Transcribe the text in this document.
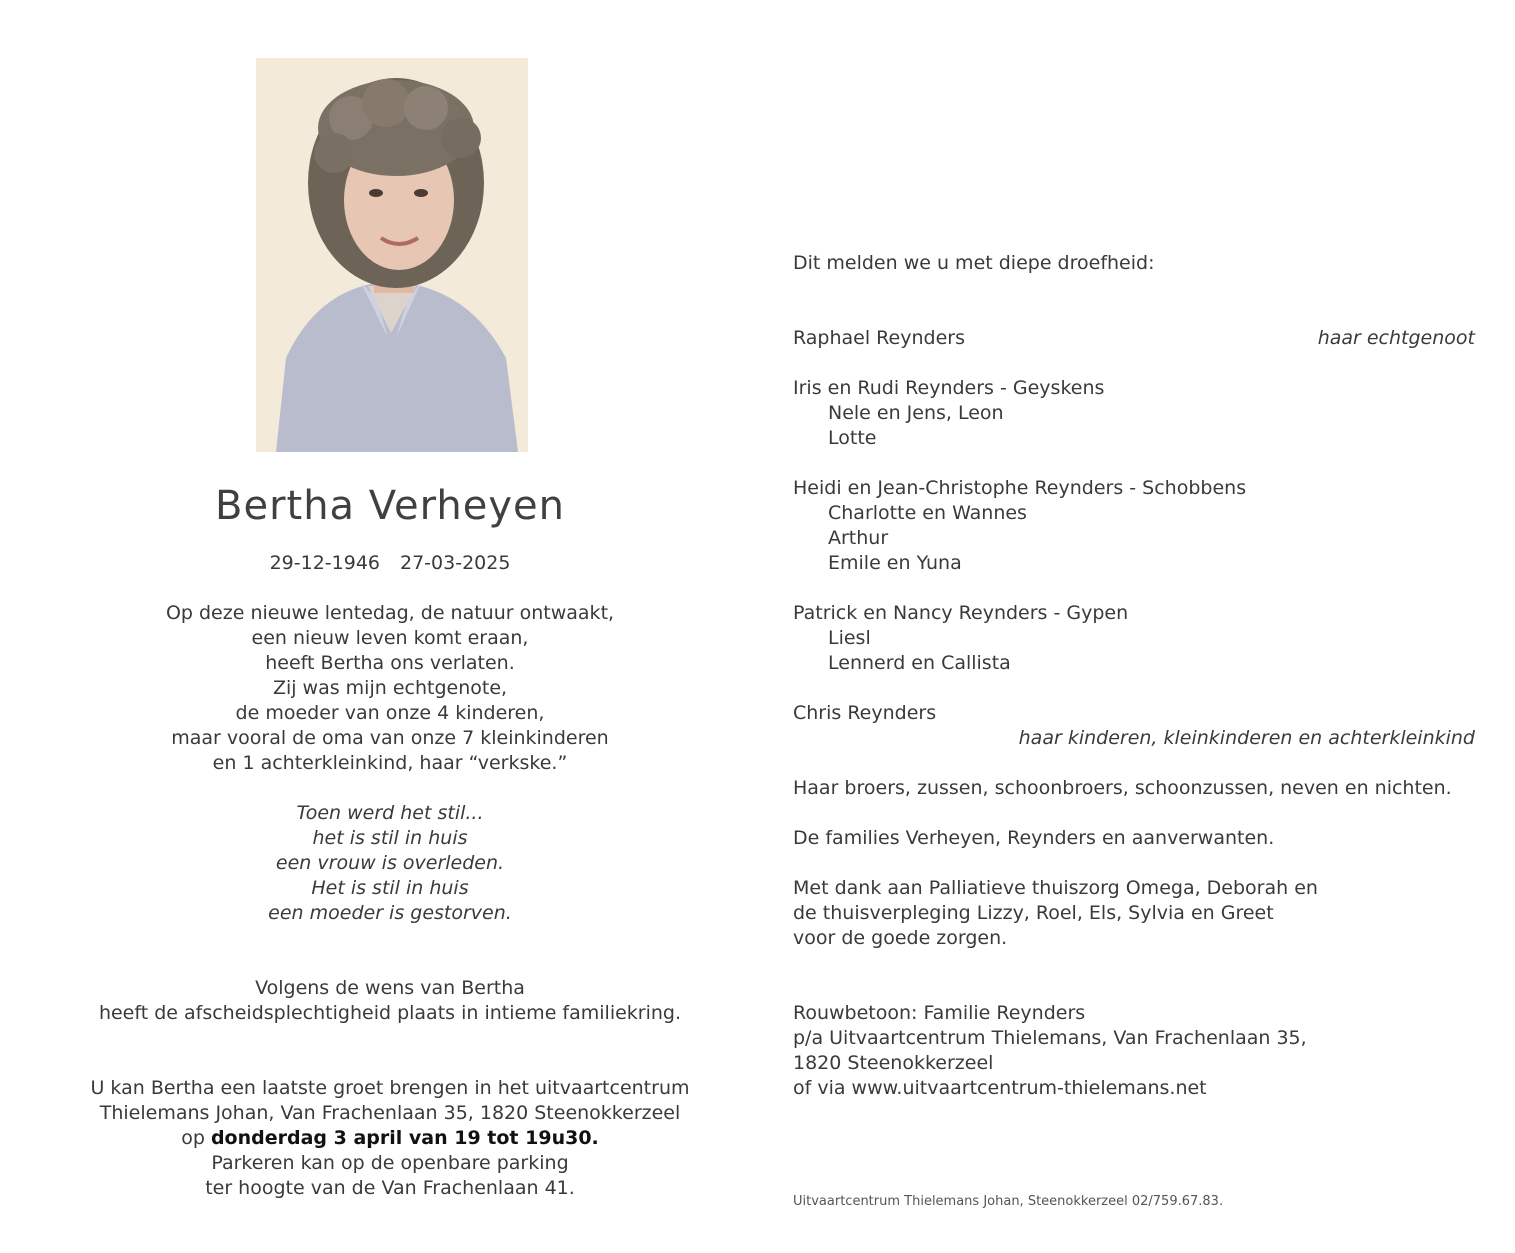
Bertha Verheyen
29-12-1946 27-03-2025
Op deze nieuwe lentedag, de natuur ontwaakt,
een nieuw leven komt eraan,
heeft Bertha ons verlaten.
Zij was mijn echtgenote,
de moeder van onze 4 kinderen,
maar vooral de oma van onze 7 kleinkinderen
en 1 achterkleinkind, haar “verkske.”
Toen werd het stil...
het is stil in huis
een vrouw is overleden.
Het is stil in huis
een moeder is gestorven.
Volgens de wens van Bertha
heeft de afscheidsplechtigheid plaats in intieme familiekring.
U kan Bertha een laatste groet brengen in het uitvaartcentrum
Thielemans Johan, Van Frachenlaan 35, 1820 Steenokkerzeel
op donderdag 3 april van 19 tot 19u30.
Parkeren kan op de openbare parking
ter hoogte van de Van Frachenlaan 41.
Dit melden we u met diepe droefheid:
Raphael Reynders	haar echtgenoot
Iris en Rudi Reynders - Geyskens
Nele en Jens, Leon
Lotte
Heidi en Jean-Christophe Reynders - Schobbens
Charlotte en Wannes
Arthur
Emile en Yuna
Patrick en Nancy Reynders - Gypen
Liesl
Lennerd en Callista
Chris Reynders
haar kinderen, kleinkinderen en achterkleinkind
Haar broers, zussen, schoonbroers, schoonzussen, neven en nichten.
De families Verheyen, Reynders en aanverwanten.
Met dank aan Palliatieve thuiszorg Omega, Deborah en
de thuisverpleging Lizzy, Roel, Els, Sylvia en Greet
voor de goede zorgen.
Rouwbetoon: Familie Reynders
p/a Uitvaartcentrum Thielemans, Van Frachenlaan 35,
1820 Steenokkerzeel
of via www.uitvaartcentrum-thielemans.net
Uitvaartcentrum Thielemans Johan, Steenokkerzeel 02/759.67.83.
